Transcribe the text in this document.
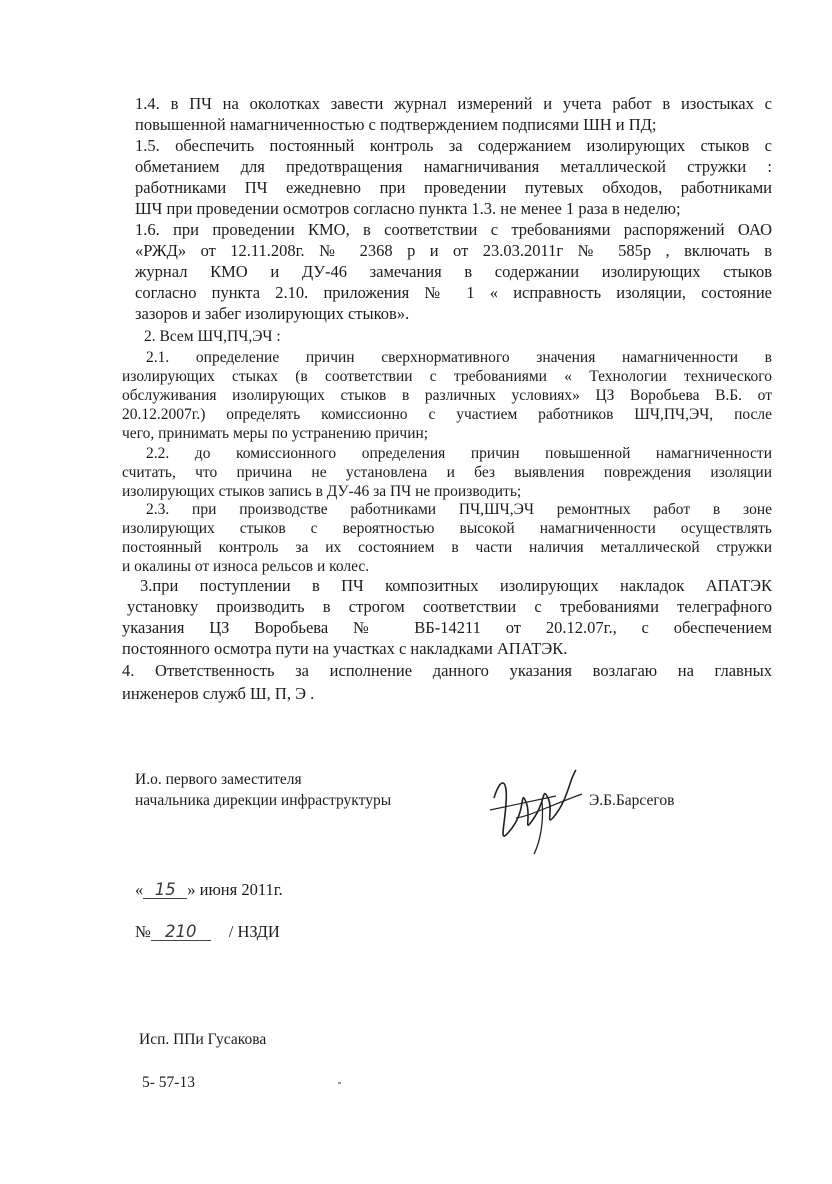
1.4. в ПЧ на околотках завести журнал измерений и учета работ в изостыках с
повышенной намагниченностью с подтверждением подписями ШН и ПД;
1.5. обеспечить постоянный контроль за содержанием изолирующих стыков с
обметанием для предотвращения намагничивания металлической стружки :
работниками ПЧ ежедневно при проведении путевых обходов, работниками
ШЧ при проведении осмотров согласно пункта 1.3. не менее 1 раза в неделю;
1.6. при проведении КМО, в соответствии с требованиями распоряжений ОАО
«РЖД» от 12.11.208г. № 2368 р и от 23.03.2011г № 585р , включать в
журнал КМО и ДУ-46 замечания в содержании изолирующих стыков
согласно пункта 2.10. приложения № 1 « исправность изоляции, состояние
зазоров и забег изолирующих стыков».
2. Всем ШЧ,ПЧ,ЭЧ :
2.1. определение причин сверхнормативного значения намагниченности в
изолирующих стыках (в соответствии с требованиями « Технологии технического
обслуживания изолирующих стыков в различных условиях» ЦЗ Воробьева В.Б. от
20.12.2007г.) определять комиссионно с участием работников ШЧ,ПЧ,ЭЧ, после
чего, принимать меры по устранению причин;
2.2. до комиссионного определения причин повышенной намагниченности
считать, что причина не установлена и без выявления повреждения изоляции
изолирующих стыков запись в ДУ-46 за ПЧ не производить;
2.3. при производстве работниками ПЧ,ШЧ,ЭЧ ремонтных работ в зоне
изолирующих стыков с вероятностью высокой намагниченности осуществлять
постоянный контроль за их состоянием в части наличия металлической стружки
и окалины от износа рельсов и колес.
3.при поступлении в ПЧ композитных изолирующих накладок АПАТЭК
установку производить в строгом соответствии с требованиями телеграфного
указания ЦЗ Воробьева № ВБ-14211 от 20.12.07г., с обеспечением
постоянного осмотра пути на участках с накладками АПАТЭК.
4. Ответственность за исполнение данного указания возлагаю на главных
инженеров служб Ш, П, Э .
И.о. первого заместителя
начальника дирекции инфраструктуры	Э.Б.Барсегов
« 15 » июня 2011г.
№ 210 / НЗДИ
Исп. ППи Гусакова
5- 57-13
